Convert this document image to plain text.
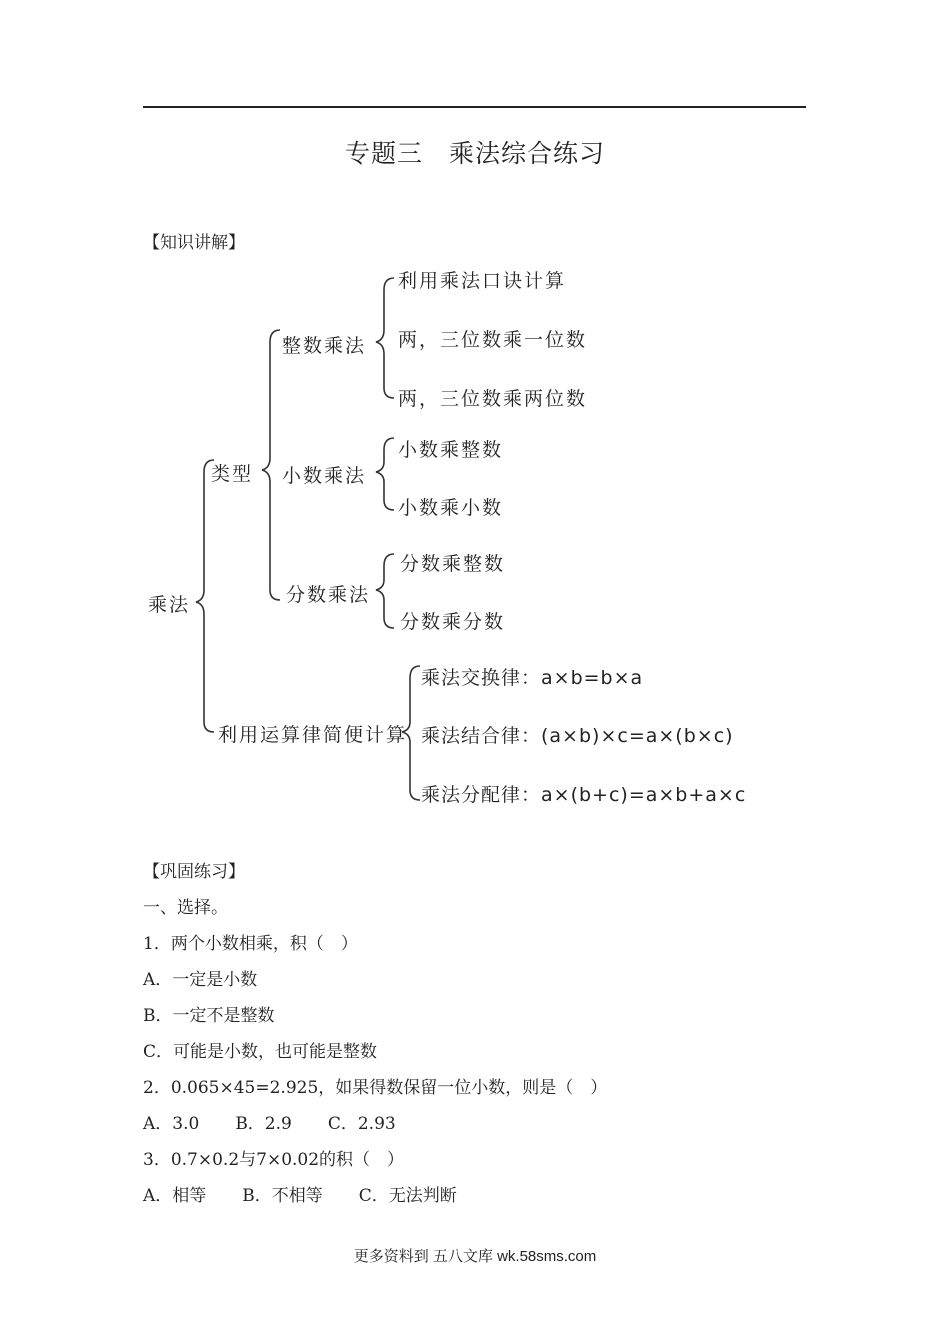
专题三　乘法综合练习
【知识讲解】
乘法
类型
整数乘法
小数乘法
分数乘法
利用运算律简便计算
利用乘法口诀计算
两，三位数乘一位数
两，三位数乘两位数
小数乘整数
小数乘小数
分数乘整数
分数乘分数
乘法交换律：a×b=b×a
乘法结合律：(a×b)×c=a×(b×c)
乘法分配律：a×(b+c)=a×b+a×c
【巩固练习】
一、选择。
1．两个小数相乘，积（　）
A．一定是小数
B．一定不是整数
C．可能是小数，也可能是整数
2．0.065×45=2.925，如果得数保留一位小数，则是（　）
A．3.0 B．2.9 C．2.93
3．0.7×0.2与7×0.02的积（　）
A．相等 B．不相等 C．无法判断
更多资料到 五八文库 wk.58sms.com
